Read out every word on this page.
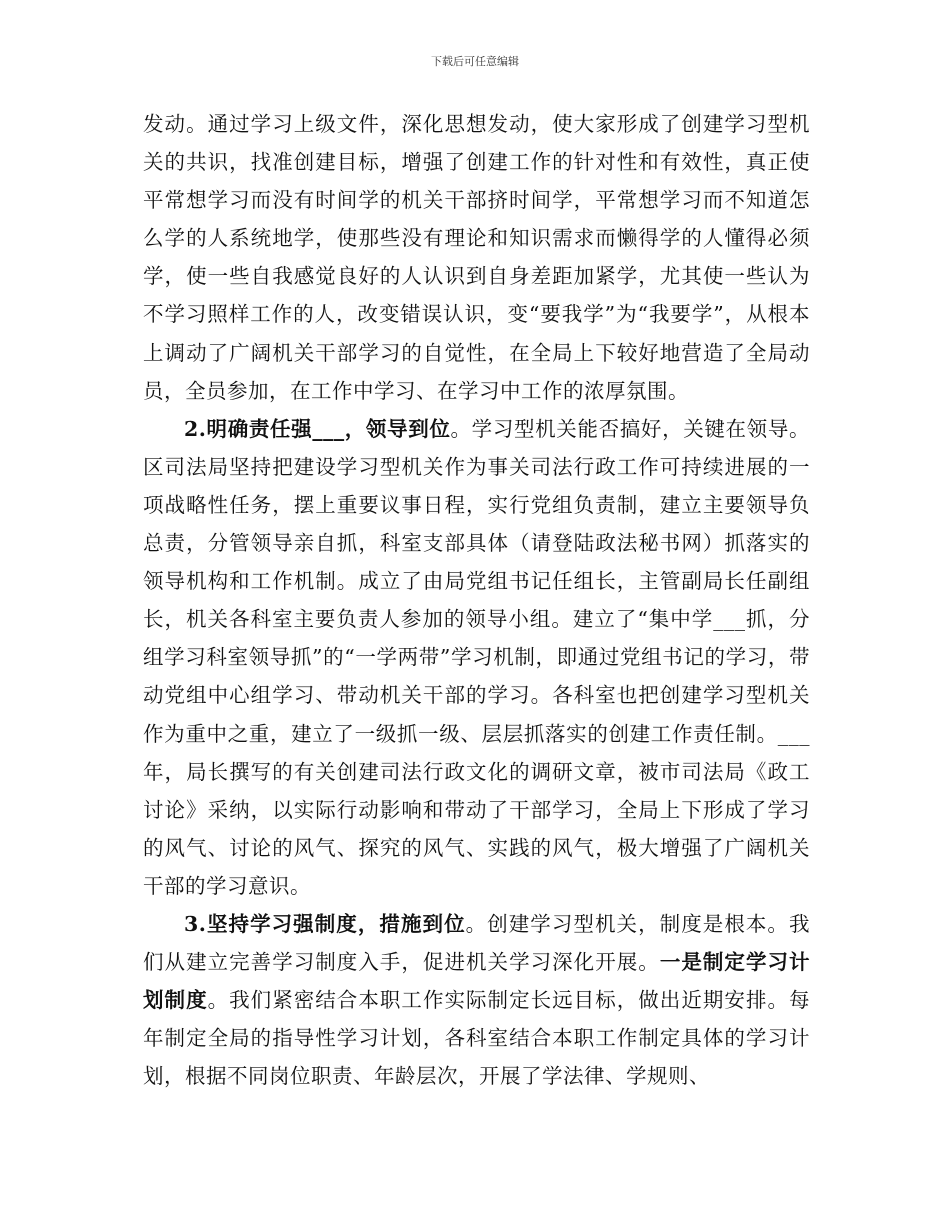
下载后可任意编辑

发动。通过学习上级文件，深化思想发动，使大家形成了创建学习型机关的共识，找准创建目标，增强了创建工作的针对性和有效性，真正使平常想学习而没有时间学的机关干部挤时间学，平常想学习而不知道怎么学的人系统地学，使那些没有理论和知识需求而懒得学的人懂得必须学，使一些自我感觉良好的人认识到自身差距加紧学，尤其使一些认为不学习照样工作的人，改变错误认识，变“要我学”为“我要学”，从根本上调动了广阔机关干部学习的自觉性，在全局上下较好地营造了全局动员，全员参加，在工作中学习、在学习中工作的浓厚氛围。

2.明确责任强___，领导到位。学习型机关能否搞好，关键在领导。区司法局坚持把建设学习型机关作为事关司法行政工作可持续进展的一项战略性任务，摆上重要议事日程，实行党组负责制，建立主要领导负总责，分管领导亲自抓，科室支部具体（请登陆政法秘书网）抓落实的领导机构和工作机制。成立了由局党组书记任组长，主管副局长任副组长，机关各科室主要负责人参加的领导小组。建立了“集中学___抓，分组学习科室领导抓”的“一学两带”学习机制，即通过党组书记的学习，带动党组中心组学习、带动机关干部的学习。各科室也把创建学习型机关作为重中之重，建立了一级抓一级、层层抓落实的创建工作责任制。___年，局长撰写的有关创建司法行政文化的调研文章，被市司法局《政工讨论》采纳，以实际行动影响和带动了干部学习，全局上下形成了学习的风气、讨论的风气、探究的风气、实践的风气，极大增强了广阔机关干部的学习意识。

3.坚持学习强制度，措施到位。创建学习型机关，制度是根本。我们从建立完善学习制度入手，促进机关学习深化开展。一是制定学习计划制度。我们紧密结合本职工作实际制定长远目标，做出近期安排。每年制定全局的指导性学习计划，各科室结合本职工作制定具体的学习计划，根据不同岗位职责、年龄层次，开展了学法律、学规则、
